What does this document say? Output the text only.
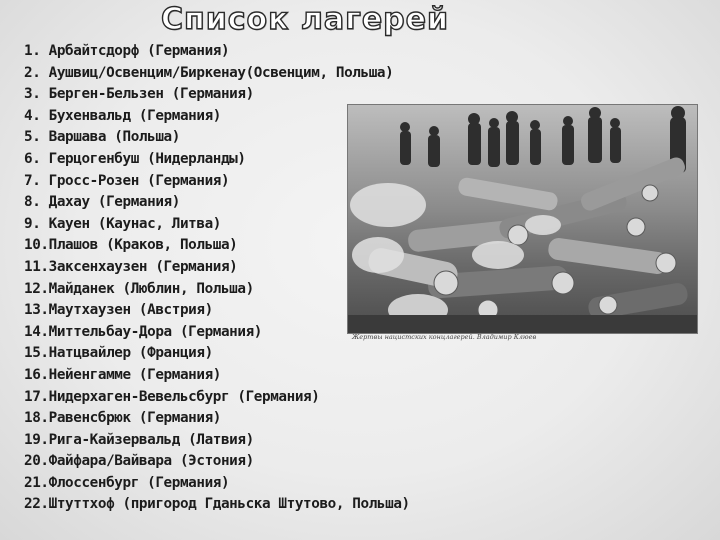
Список лагерей
Жертвы нацистских концлагерей. Владимир Клюев
1. Арбайтсдорф (Германия)
2. Аушвиц/Освенцим/Биркенау(Освенцим, Польша)
3. Берген-Бельзен (Германия)
4. Бухенвальд (Германия)
5. Варшава (Польша)
6. Герцогенбуш (Нидерланды)
7. Гросс-Розен (Германия)
8. Дахау (Германия)
9. Кауен (Каунас, Литва)
10.Плашов (Краков, Польша)
11.Заксенхаузен (Германия)
12.Майданек (Люблин, Польша)
13.Маутхаузен (Австрия)
14.Миттельбау-Дора (Германия)
15.Натцвайлер (Франция)
16.Нейенгамме (Германия)
17.Нидерхаген-Вевельсбург (Германия)
18.Равенсбрюк (Германия)
19.Рига-Кайзервальд (Латвия)
20.Файфара/Вайвара (Эстония)
21.Флоссенбург (Германия)
22.Штуттхоф (пригород Гданьска Штутово, Польша)
